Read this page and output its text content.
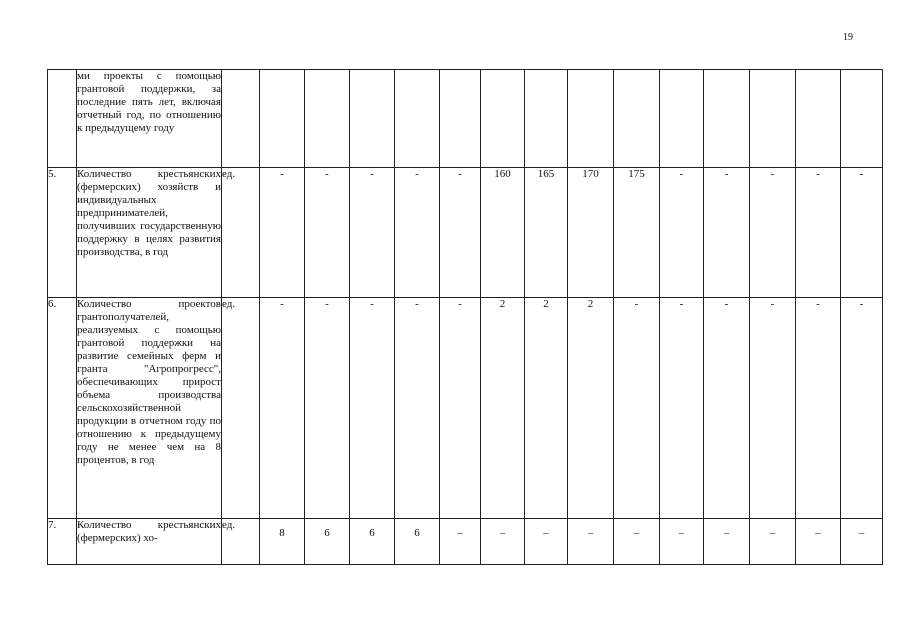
19
	ми проекты с помощью грантовой поддержки, за последние пять лет, включая отчетный год, по отношению к предыдущему году															
5.	Количество крестьянских (фермерских) хозяйств и индивидуальных предпринимателей, получивших государственную поддержку в целях развития производства, в год	ед.	-	-	-	-	-	160	165	170	175	-	-	-	-	-
6.	Количество проектов грантополучателей, реализуемых с помощью грантовой поддержки на развитие семейных ферм и гранта "Агропрогресс", обеспечивающих прирост объема производства сельскохозяйственной продукции в отчетном году по отношению к предыдущему году не менее чем на 8 процентов, в год	ед.	-	-	-	-	-	2	2	2	-	-	-	-	-	-
7.	Количество крестьянских (фермерских) хо-	ед.	8	6	6	6	–	–	–	–	–	–	–	–	–	–
